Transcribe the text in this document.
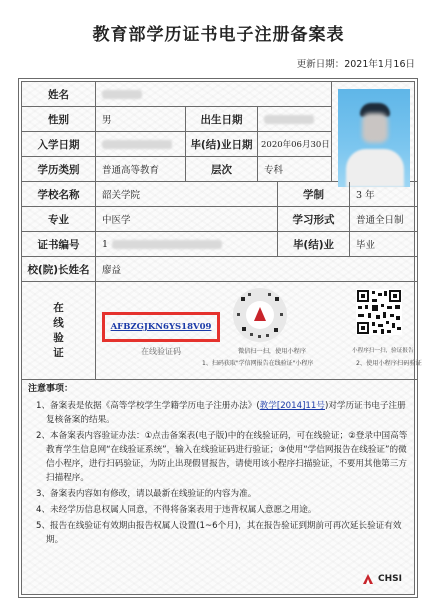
教育部学历证书电子注册备案表
更新日期：2021年1月16日
姓名
性别	男	出生日期
入学日期	毕(结)业日期 2020年06月30日
学历类别	普通高等教育	层次	专科
学校名称	韶关学院	学制	3 年
专业	中医学	学习形式	普通全日制
证书编号	1	毕(结)业	毕业
校(院)长姓名	廖益
在
线
验
证
AFBZGJKN6YS18V09
在线验证码	微信扫一扫，使用小程序
1、扫码获取"学信网报告在线验证"小程序
小程序扫一扫，验证报告
2、使用小程序扫码验证
注意事项：
1、备案表是依据《高等学校学生学籍学历电子注册办法》(教学[2014]11号)对学历证书电子注册复核备案的结果。
2、本备案表内容验证办法：①点击备案表(电子版)中的在线验证码，可在线验证；②登录中国高等教育学生信息网“在线验证系统”，输入在线验证码进行验证；③使用“学信网报告在线验证”的微信小程序，进行扫码验证，为防止出现假冒报告，请使用该小程序扫描验证，不要用其他第三方扫描程序。
3、备案表内容如有修改，请以最新在线验证的内容为准。
4、未经学历信息权属人同意，不得将备案表用于违背权属人意愿之用途。
5、报告在线验证有效期由报告权属人设置(1~6个月)，其在报告验证到期前可再次延长验证有效期。
CHSI
